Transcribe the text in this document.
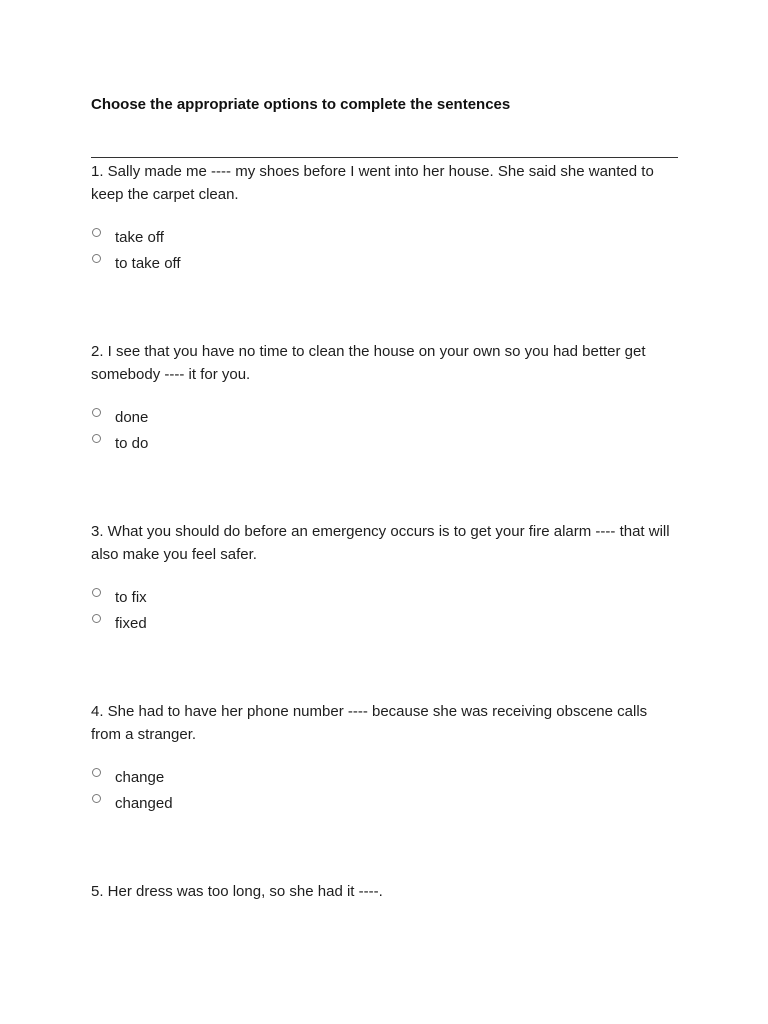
Choose the appropriate options to complete the sentences

1. Sally made me ---- my shoes before I went into her house. She said she wanted to keep the carpet clean.

take off
to take off

2. I see that you have no time to clean the house on your own so you had better get somebody ---- it for you.

done
to do

3. What you should do before an emergency occurs is to get your fire alarm ---- that will also make you feel safer.

to fix
fixed

4. She had to have her phone number ---- because she was receiving obscene calls from a stranger.

change
changed

5. Her dress was too long, so she had it ----.
